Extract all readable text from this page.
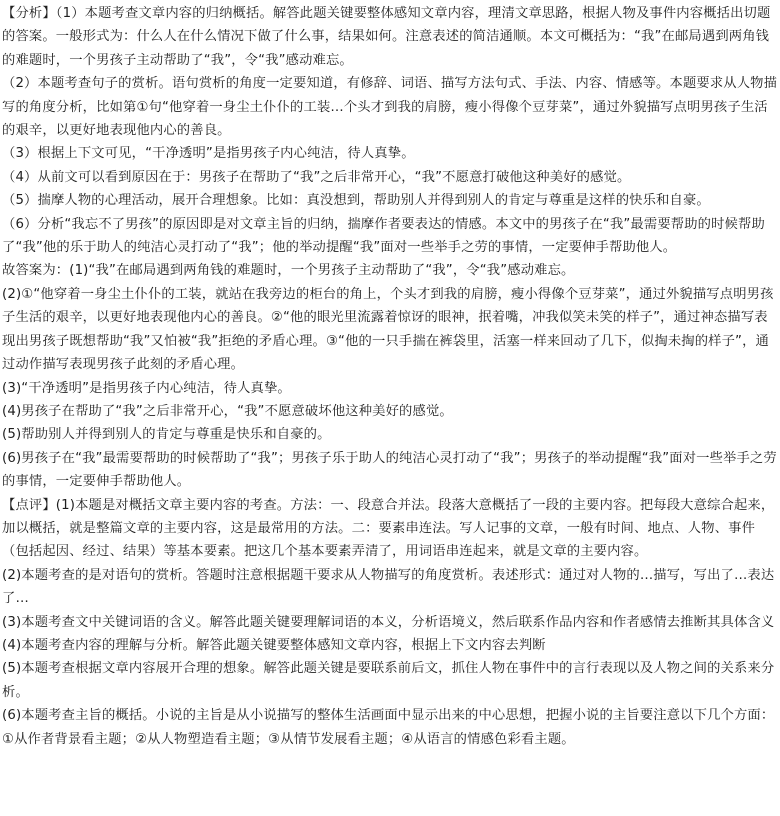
【分析】（1）本题考查文章内容的归纳概括。解答此题关键要整体感知文章内容，理清文章思路，根据人物及事件内容概括出切题的答案。一般形式为：什么人在什么情况下做了什么事，结果如何。注意表述的简洁通顺。本文可概括为：“我”在邮局遇到两角钱的难题时，一个男孩子主动帮助了“我”，令“我”感动难忘。

（2）本题考查句子的赏析。语句赏析的角度一定要知道，有修辞、词语、描写方法句式、手法、内容、情感等。本题要求从人物描写的角度分析，比如第①句“他穿着一身尘土仆仆的工装…个头才到我的肩膀，瘦小得像个豆芽菜”，通过外貌描写点明男孩子生活的艰辛，以更好地表现他内心的善良。

（3）根据上下文可见，“干净透明”是指男孩子内心纯洁，待人真挚。

（4）从前文可以看到原因在于：男孩子在帮助了“我”之后非常开心，“我”不愿意打破他这种美好的感觉。

（5）揣摩人物的心理活动，展开合理想象。比如：真没想到，帮助别人并得到别人的肯定与尊重是这样的快乐和自豪。

（6）分析“我忘不了男孩”的原因即是对文章主旨的归纳，揣摩作者要表达的情感。本文中的男孩子在“我”最需要帮助的时候帮助了“我”他的乐于助人的纯洁心灵打动了“我”；他的举动提醒“我”面对一些举手之劳的事情，一定要伸手帮助他人。

故答案为：(1)“我”在邮局遇到两角钱的难题时，一个男孩子主动帮助了“我”，令“我”感动难忘。

(2)①“他穿着一身尘土仆仆的工装，就站在我旁边的柜台的角上，个头才到我的肩膀，瘦小得像个豆芽菜”，通过外貌描写点明男孩子生活的艰辛，以更好地表现他内心的善良。②“他的眼光里流露着惊讶的眼神，抿着嘴，冲我似笑未笑的样子”，通过神态描写表现出男孩子既想帮助“我”又怕被“我”拒绝的矛盾心理。③“他的一只手揣在裤袋里，活塞一样来回动了几下，似掏未掏的样子”，通过动作描写表现男孩子此刻的矛盾心理。

(3)“干净透明”是指男孩子内心纯洁，待人真挚。

(4)男孩子在帮助了“我”之后非常开心，“我”不愿意破坏他这种美好的感觉。

(5)帮助别人并得到别人的肯定与尊重是快乐和自豪的。

(6)男孩子在“我”最需要帮助的时候帮助了“我”；男孩子乐于助人的纯洁心灵打动了“我”；男孩子的举动提醒“我”面对一些举手之劳的事情，一定要伸手帮助他人。

【点评】(1)本题是对概括文章主要内容的考查。方法：一、段意合并法。段落大意概括了一段的主要内容。把每段大意综合起来，加以概括，就是整篇文章的主要内容，这是最常用的方法。二：要素串连法。写人记事的文章，一般有时间、地点、人物、事件（包括起因、经过、结果）等基本要素。把这几个基本要素弄清了，用词语串连起来，就是文章的主要内容。

(2)本题考查的是对语句的赏析。答题时注意根据题干要求从人物描写的角度赏析。表述形式：通过对人物的…描写，写出了…表达了…

(3)本题考查文中关键词语的含义。解答此题关键要理解词语的本义，分析语境义，然后联系作品内容和作者感情去推断其具体含义

(4)本题考查内容的理解与分析。解答此题关键要整体感知文章内容，根据上下文内容去判断

(5)本题考查根据文章内容展开合理的想象。解答此题关键是要联系前后文，抓住人物在事件中的言行表现以及人物之间的关系来分析。

(6)本题考查主旨的概括。小说的主旨是从小说描写的整体生活画面中显示出来的中心思想，把握小说的主旨要注意以下几个方面：①从作者背景看主题；②从人物塑造看主题；③从情节发展看主题；④从语言的情感色彩看主题。
